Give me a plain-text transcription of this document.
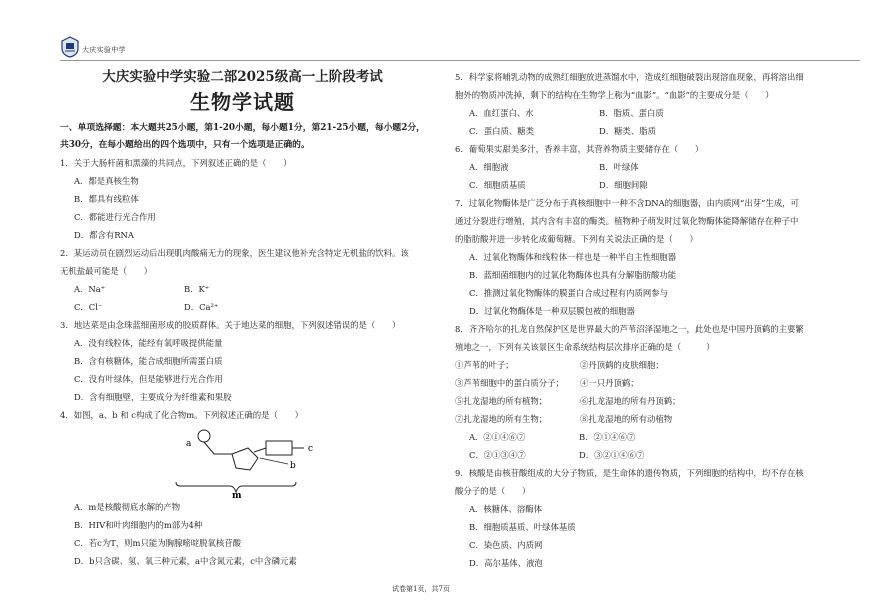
大庆实验中学
大庆实验中学实验二部2025级高一上阶段考试
生物学试题
一、单项选择题：本大题共25小题，第1-20小题，每小题1分，第21-25小题，每小题2分，
共30分，在每小题给出的四个选项中，只有一个选项是正确的。
1．关于大肠杆菌和黑藻的共同点，下列叙述正确的是（　　）
A．都是真核生物
B．都具有线粒体
C．都能进行光合作用
D．都含有RNA
2．某运动员在剧烈运动后出现肌肉酸痛无力的现象，医生建议他补充含特定无机盐的饮料。该
无机盐最可能是（　　）
A．Na⁺	B．K⁺
C．Cl⁻	D．Ca²⁺
3．地达菜是由念珠蓝细菌形成的胶质群体。关于地达菜的细胞，下列叙述错误的是（　　）
A．没有线粒体，能经有氧呼吸提供能量
B．含有核糖体，能合成细胞所需蛋白质
C．没有叶绿体，但是能够进行光合作用
D．含有细胞壁，主要成分为纤维素和果胶
4．如图，a、b 和 c构成了化合物m。下列叙述正确的是（　　）
a	c
b
m
A．m是核酸彻底水解的产物
B．HIV和叶肉细胞内的m部为4种
C．若c为T，则m只能为胸腺嘧啶脱氧核苷酸
D．b只含碳、氢、氧三种元素，a中含氮元素，c中含磷元素
5．科学家将哺乳动物的成熟红细胞放进蒸馏水中，造成红细胞破裂出现溶血现象，再将溶出细
胞外的物质冲洗掉，剩下的结构在生物学上称为“血影”。“血影”的主要成分是（　　）
A．血红蛋白、水	B．脂质、蛋白质
C．蛋白质、糖类	D．糖类、脂质
6．葡萄果实甜美多汁，香养丰富，其营养物质主要储存在（　　）
A．细胞液	B．叶绿体
C．细胞质基质	D．细胞间隙
7．过氧化物酶体是广泛分布于真核细胞中一种不含DNA的细胞器，由内质网“出芽”生成，可
通过分裂进行增殖，其内含有丰富的酶类。植物种子萌发时过氧化物酶体能降解储存在种子中
的脂肪酸并进一步转化成葡萄糖。下列有关说法正确的是（　　）
A．过氧化物酶体和线粒体一样也是一种半自主性细胞器
B．蓝细菌细胞内的过氧化物酶体也具有分解脂肪酸功能
C．推测过氧化物酶体的膜蛋白合成过程有内质网参与
D．过氧化物酶体是一种双层膜包被的细胞器
8．齐齐哈尔的扎龙自然保护区是世界最大的芦苇沼泽湿地之一，此处也是中国丹顶鹤的主要繁
殖地之一，下列有关该景区生命系统结构层次排序正确的是（　　　）
①芦苇的叶子；	②丹顶鹤的皮肤细胞；
③芦苇细胞中的蛋白质分子；	④一只丹顶鹤；
⑤扎龙湿地的所有植物；	⑥扎龙湿地的所有丹顶鹤；
⑦扎龙湿地的所有生物；	⑧扎龙湿地的所有动植物
A．②①④⑥⑦	B．②①④⑥⑦
C．②①③④⑦	D．③②①④⑥⑦
9．核酸是由核苷酸组成的大分子物质，是生命体的遗传物质，下列细胞的结构中，均不存在核
酸分子的是（　　）
A．核糖体、溶酶体
B．细胞质基质、叶绿体基质
C．染色质、内质网
D．高尔基体、液泡
试卷第1页，共7页
